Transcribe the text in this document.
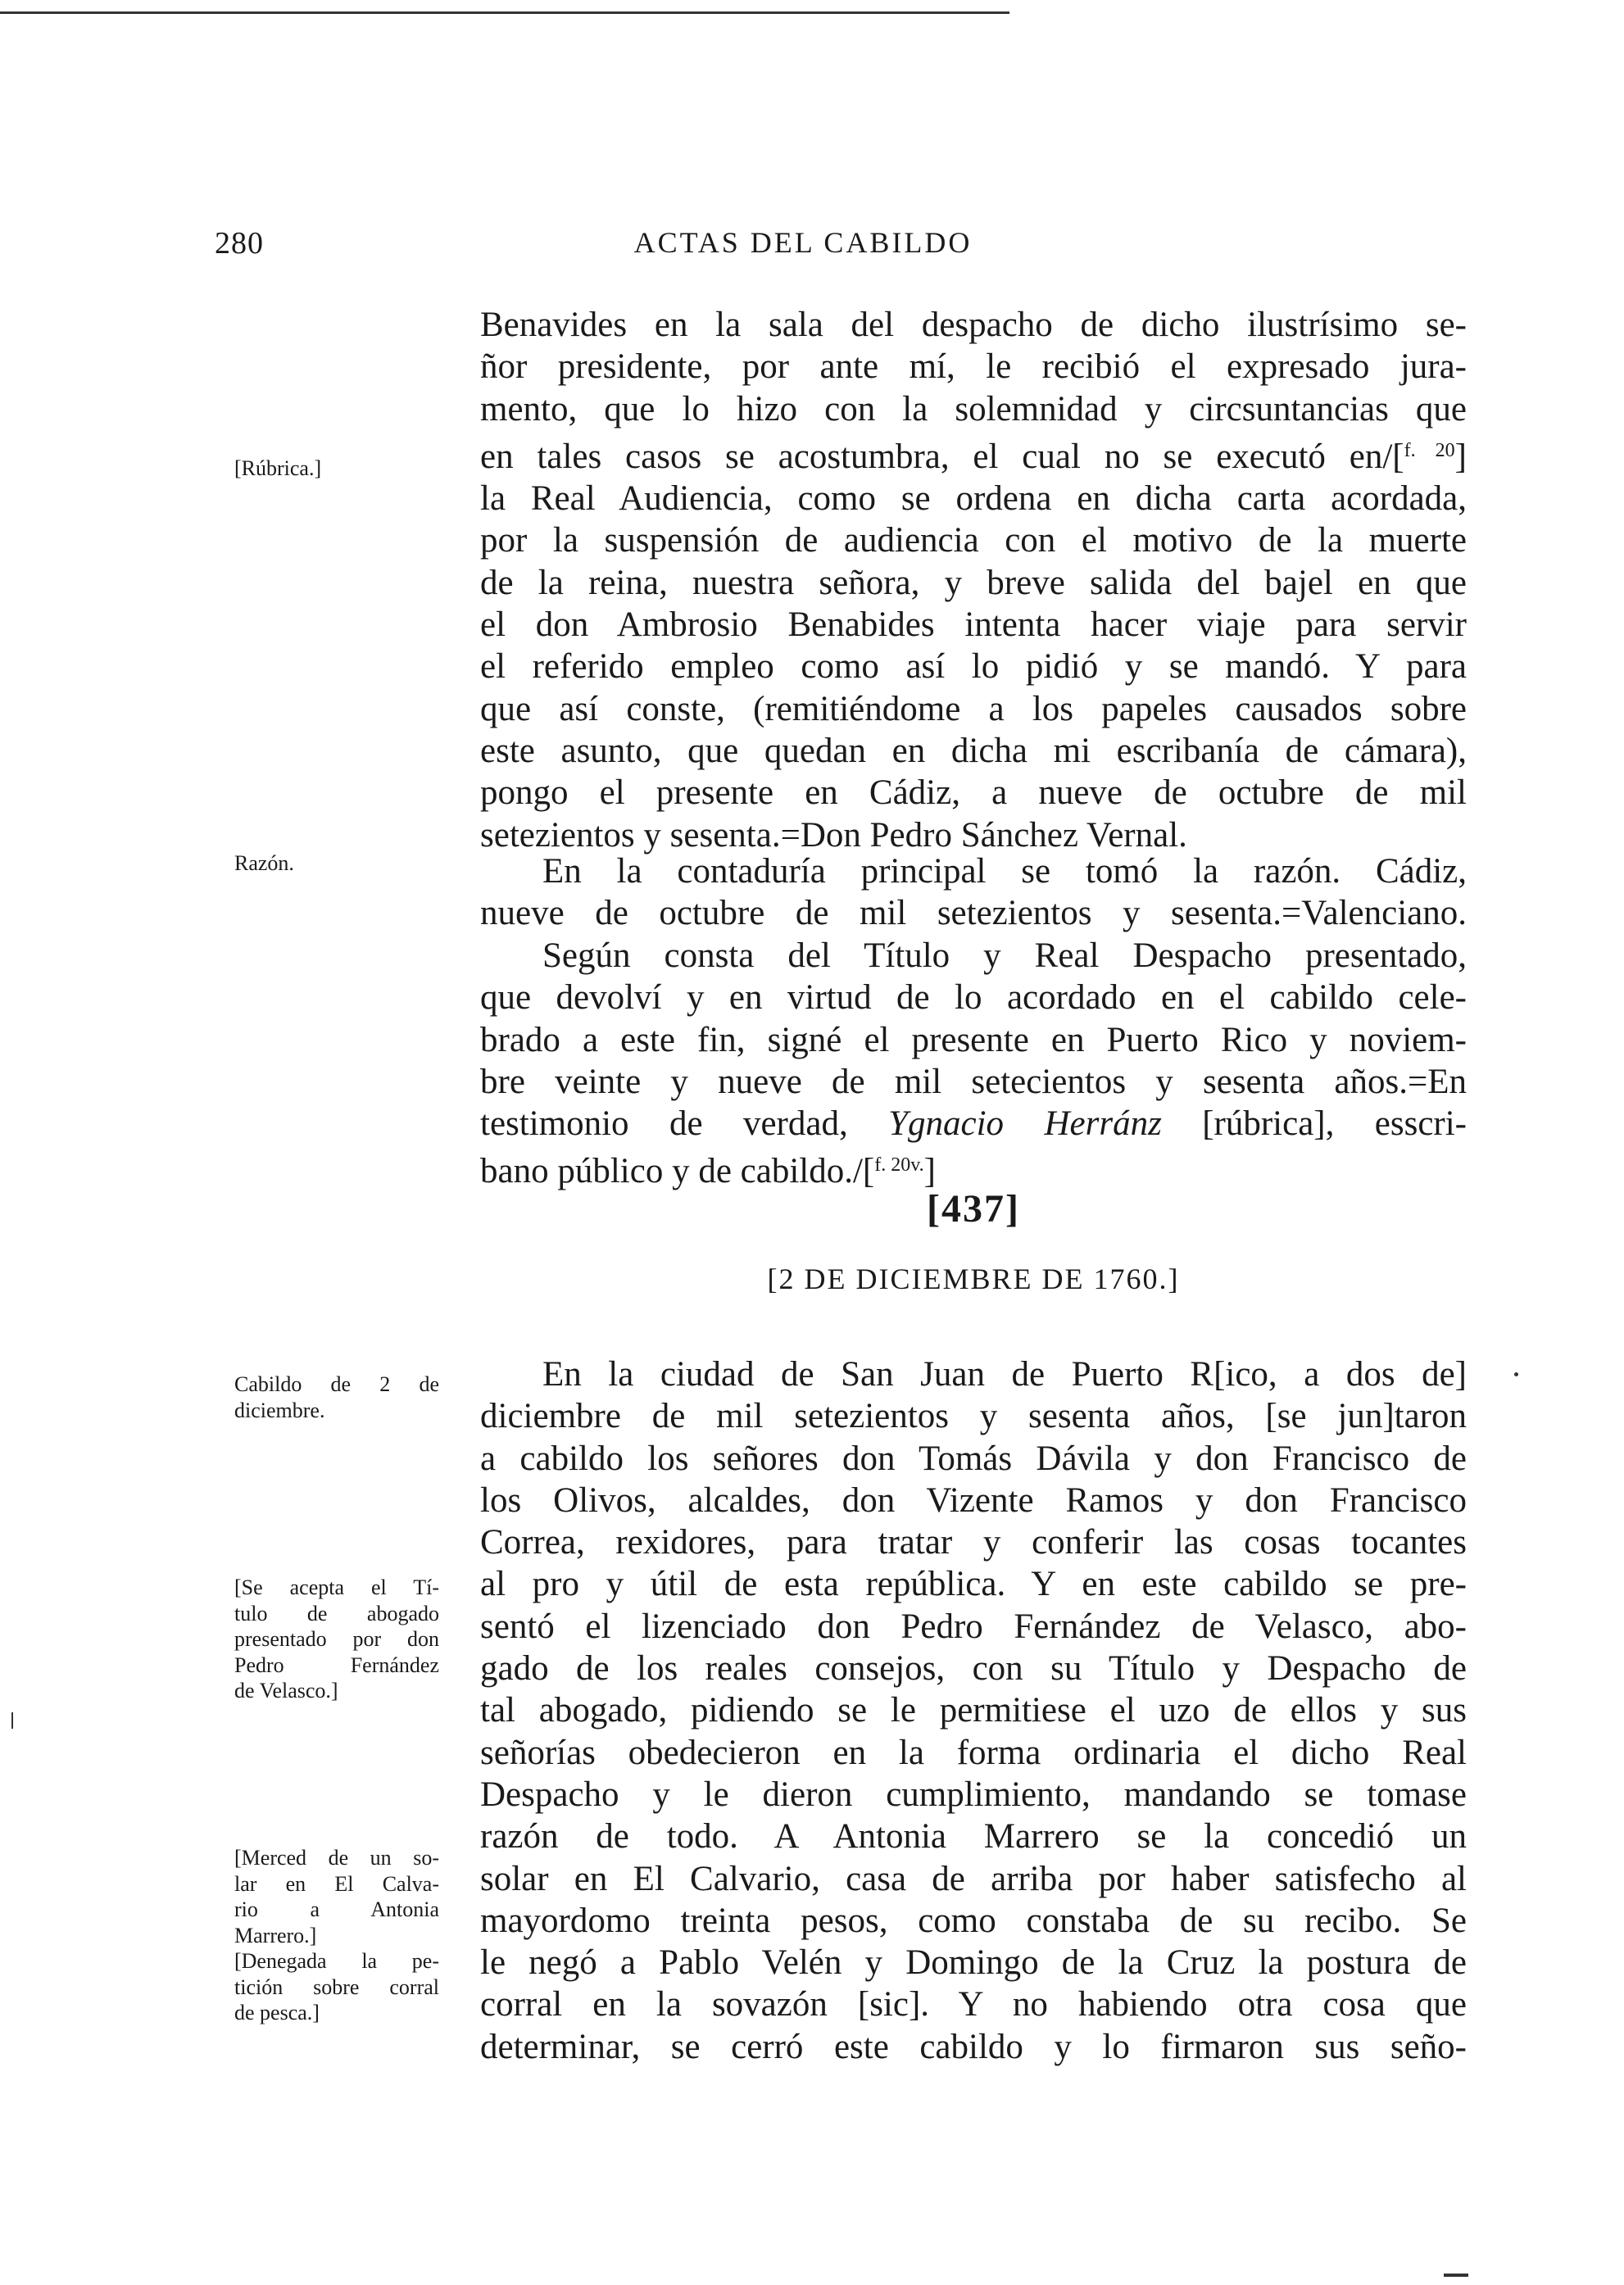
280	ACTAS DEL CABILDO
[Rúbrica.]
Razón.
Cabildo de 2 de
diciembre.
[Se acepta el Tí-
tulo de abogado
presentado por don
Pedro Fernández
de Velasco.]
[Merced de un so-
lar en El Calva-
rio a Antonia
Marrero.]
[Denegada la pe-
tición sobre corral
de pesca.]
Benavides en la sala del despacho de dicho ilustrísimo se-
ñor presidente, por ante mí, le recibió el expresado jura-
mento, que lo hizo con la solemnidad y circsuntancias que
en tales casos se acostumbra, el cual no se executó en/[$^{f. 20}$]
la Real Audiencia, como se ordena en dicha carta acordada,
por la suspensión de audiencia con el motivo de la muerte
de la reina, nuestra señora, y breve salida del bajel en que
el don Ambrosio Benabides intenta hacer viaje para servir
el referido empleo como así lo pidió y se mandó. Y para
que así conste, (remitiéndome a los papeles causados sobre
este asunto, que quedan en dicha mi escribanía de cámara),
pongo el presente en Cádiz, a nueve de octubre de mil
setezientos y sesenta.=Don Pedro Sánchez Vernal.
En la contaduría principal se tomó la razón. Cádiz,
nueve de octubre de mil setezientos y sesenta.=Valenciano.
Según consta del Título y Real Despacho presentado,
que devolví y en virtud de lo acordado en el cabildo cele-
brado a este fin, signé el presente en Puerto Rico y noviem-
bre veinte y nueve de mil setecientos y sesenta años.=En
testimonio de verdad, Ygnacio Herránz [rúbrica], esscri-
bano público y de cabildo./[$^{f. 20v.}$]
[437]
[2 DE DICIEMBRE DE 1760.]
En la ciudad de San Juan de Puerto R[ico, a dos de]
diciembre de mil setezientos y sesenta años, [se jun]taron
a cabildo los señores don Tomás Dávila y don Francisco de
los Olivos, alcaldes, don Vizente Ramos y don Francisco
Correa, rexidores, para tratar y conferir las cosas tocantes
al pro y útil de esta república. Y en este cabildo se pre-
sentó el lizenciado don Pedro Fernández de Velasco, abo-
gado de los reales consejos, con su Título y Despacho de
tal abogado, pidiendo se le permitiese el uzo de ellos y sus
señorías obedecieron en la forma ordinaria el dicho Real
Despacho y le dieron cumplimiento, mandando se tomase
razón de todo. A Antonia Marrero se la concedió un
solar en El Calvario, casa de arriba por haber satisfecho al
mayordomo treinta pesos, como constaba de su recibo. Se
le negó a Pablo Velén y Domingo de la Cruz la postura de
corral en la sovazón [sic]. Y no habiendo otra cosa que
determinar, se cerró este cabildo y lo firmaron sus seño-
